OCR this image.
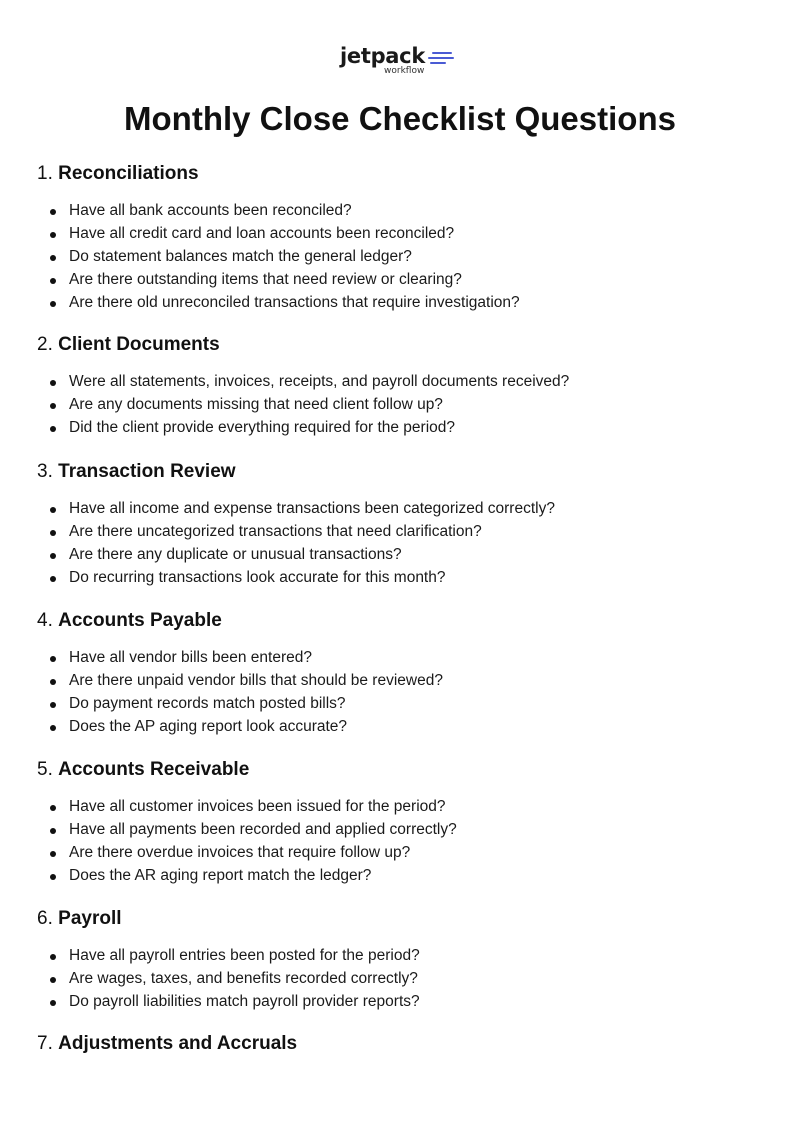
jetpack
workflow
Monthly Close Checklist Questions
1. Reconciliations
Have all bank accounts been reconciled?
Have all credit card and loan accounts been reconciled?
Do statement balances match the general ledger?
Are there outstanding items that need review or clearing?
Are there old unreconciled transactions that require investigation?
2. Client Documents
Were all statements, invoices, receipts, and payroll documents received?
Are any documents missing that need client follow up?
Did the client provide everything required for the period?
3. Transaction Review
Have all income and expense transactions been categorized correctly?
Are there uncategorized transactions that need clarification?
Are there any duplicate or unusual transactions?
Do recurring transactions look accurate for this month?
4. Accounts Payable
Have all vendor bills been entered?
Are there unpaid vendor bills that should be reviewed?
Do payment records match posted bills?
Does the AP aging report look accurate?
5. Accounts Receivable
Have all customer invoices been issued for the period?
Have all payments been recorded and applied correctly?
Are there overdue invoices that require follow up?
Does the AR aging report match the ledger?
6. Payroll
Have all payroll entries been posted for the period?
Are wages, taxes, and benefits recorded correctly?
Do payroll liabilities match payroll provider reports?
7. Adjustments and Accruals
